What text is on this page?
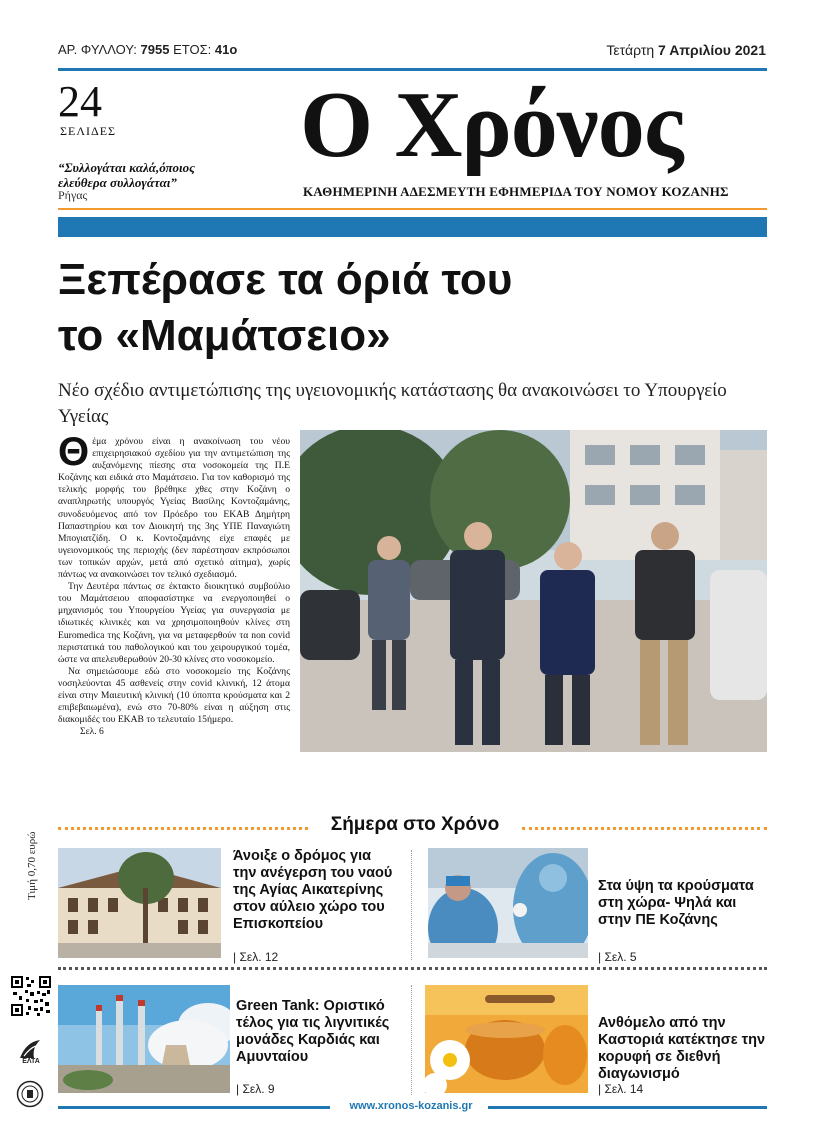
ΑΡ. ΦΥΛΛΟΥ: 7955 ΕΤΟΣ: 41ο	Τετάρτη 7 Απριλίου 2021
24
ΣΕΛΙΔΕΣ
“Συλλογάται καλά,όποιος ελεύθερα συλλογάται”
Ρήγας
Ο Χρόνος
ΚΑΘΗΜΕΡΙΝΗ ΑΔΕΣΜΕΥΤΗ ΕΦΗΜΕΡΙΔΑ ΤΟΥ ΝΟΜΟΥ ΚΟΖΑΝΗΣ
Ξεπέρασε τα όριά του
το «Μαμάτσειο»
Νέο σχέδιο αντιμετώπισης της υγειονομικής κατάστασης θα ανακοινώσει το Υπουργείο Υγείας

Θέμα χρόνου είναι η ανακοίνωση του νέου επιχειρησιακού σχεδίου για την αντιμετώπιση της αυξανόμενης πίεσης στα νοσοκομεία της Π.Ε Κοζάνης και ειδικά στο Μαμάτσειο. Για τον καθορισμό της τελικής μορφής του βρέθηκε χθες στην Κοζάνη ο αναπληρωτής υπουργός Υγείας Βασίλης Κοντοζαμάνης, συνοδευόμενος από τον Πρόεδρο του ΕΚΑΒ Δημήτρη Παπαστηρίου και τον Διοικητή της 3ης ΥΠΕ Παναγιώτη Μπογιατζίδη. Ο κ. Κοντοζαμάνης είχε επαφές με υγειονομικούς της περιοχής (δεν παρέστησαν εκπρόσωποι των τοπικών αρχών, μετά από σχετικό αίτημα), χωρίς πάντως να ανακοινώσει τον τελικό σχεδιασμό.

Την Δευτέρα πάντως σε έκτακτο διοικητικό συμβούλιο του Μαμάτσειου αποφασίστηκε να ενεργοποιηθεί ο μηχανισμός του Υπουργείου Υγείας για συνεργασία με ιδιωτικές κλινικές και να χρησιμοποιηθούν κλίνες στη Euromedica της Κοζάνη, για να μεταφερθούν τα non covid περιστατικά του παθολογικού και του χειρουργικού τομέα, ώστε να απελευθερωθούν 20-30 κλίνες στο νοσοκομείο.

Να σημειώσουμε εδώ στο νοσοκομείο της Κοζάνης νοσηλεύονται 45 ασθενείς στην covid κλινική, 12 άτομα είναι στην Μαιευτική κλινική (10 ύποπτα κρούσματα και 2 επιβεβαιωμένα), ενώ στο 70-80% είναι η αύξηση στις διακομιδές του ΕΚΑΒ το τελευταίο 15ήμερο.

Σελ. 6
Σήμερα στο Χρόνο
Τιμή 0,70 ευρώ	Άνοιξε ο δρόμος για την ανέγερση του ναού της Αγίας Αικατερίνης στον αύλειο χώρο του Επισκοπείου
| Σελ. 12
Στα ύψη τα κρούσματα στη χώρα- Ψηλά και στην ΠΕ Κοζάνης
| Σελ. 5
Green Tank: Οριστικό τέλος για τις λιγνιτικές μονάδες Καρδιάς και Αμυνταίου
| Σελ. 9
Ανθόμελο από την Καστοριά κατέκτησε την κορυφή σε διεθνή διαγωνισμό
| Σελ. 14
ΕΛΤΑ
www.xronos-kozanis.gr
